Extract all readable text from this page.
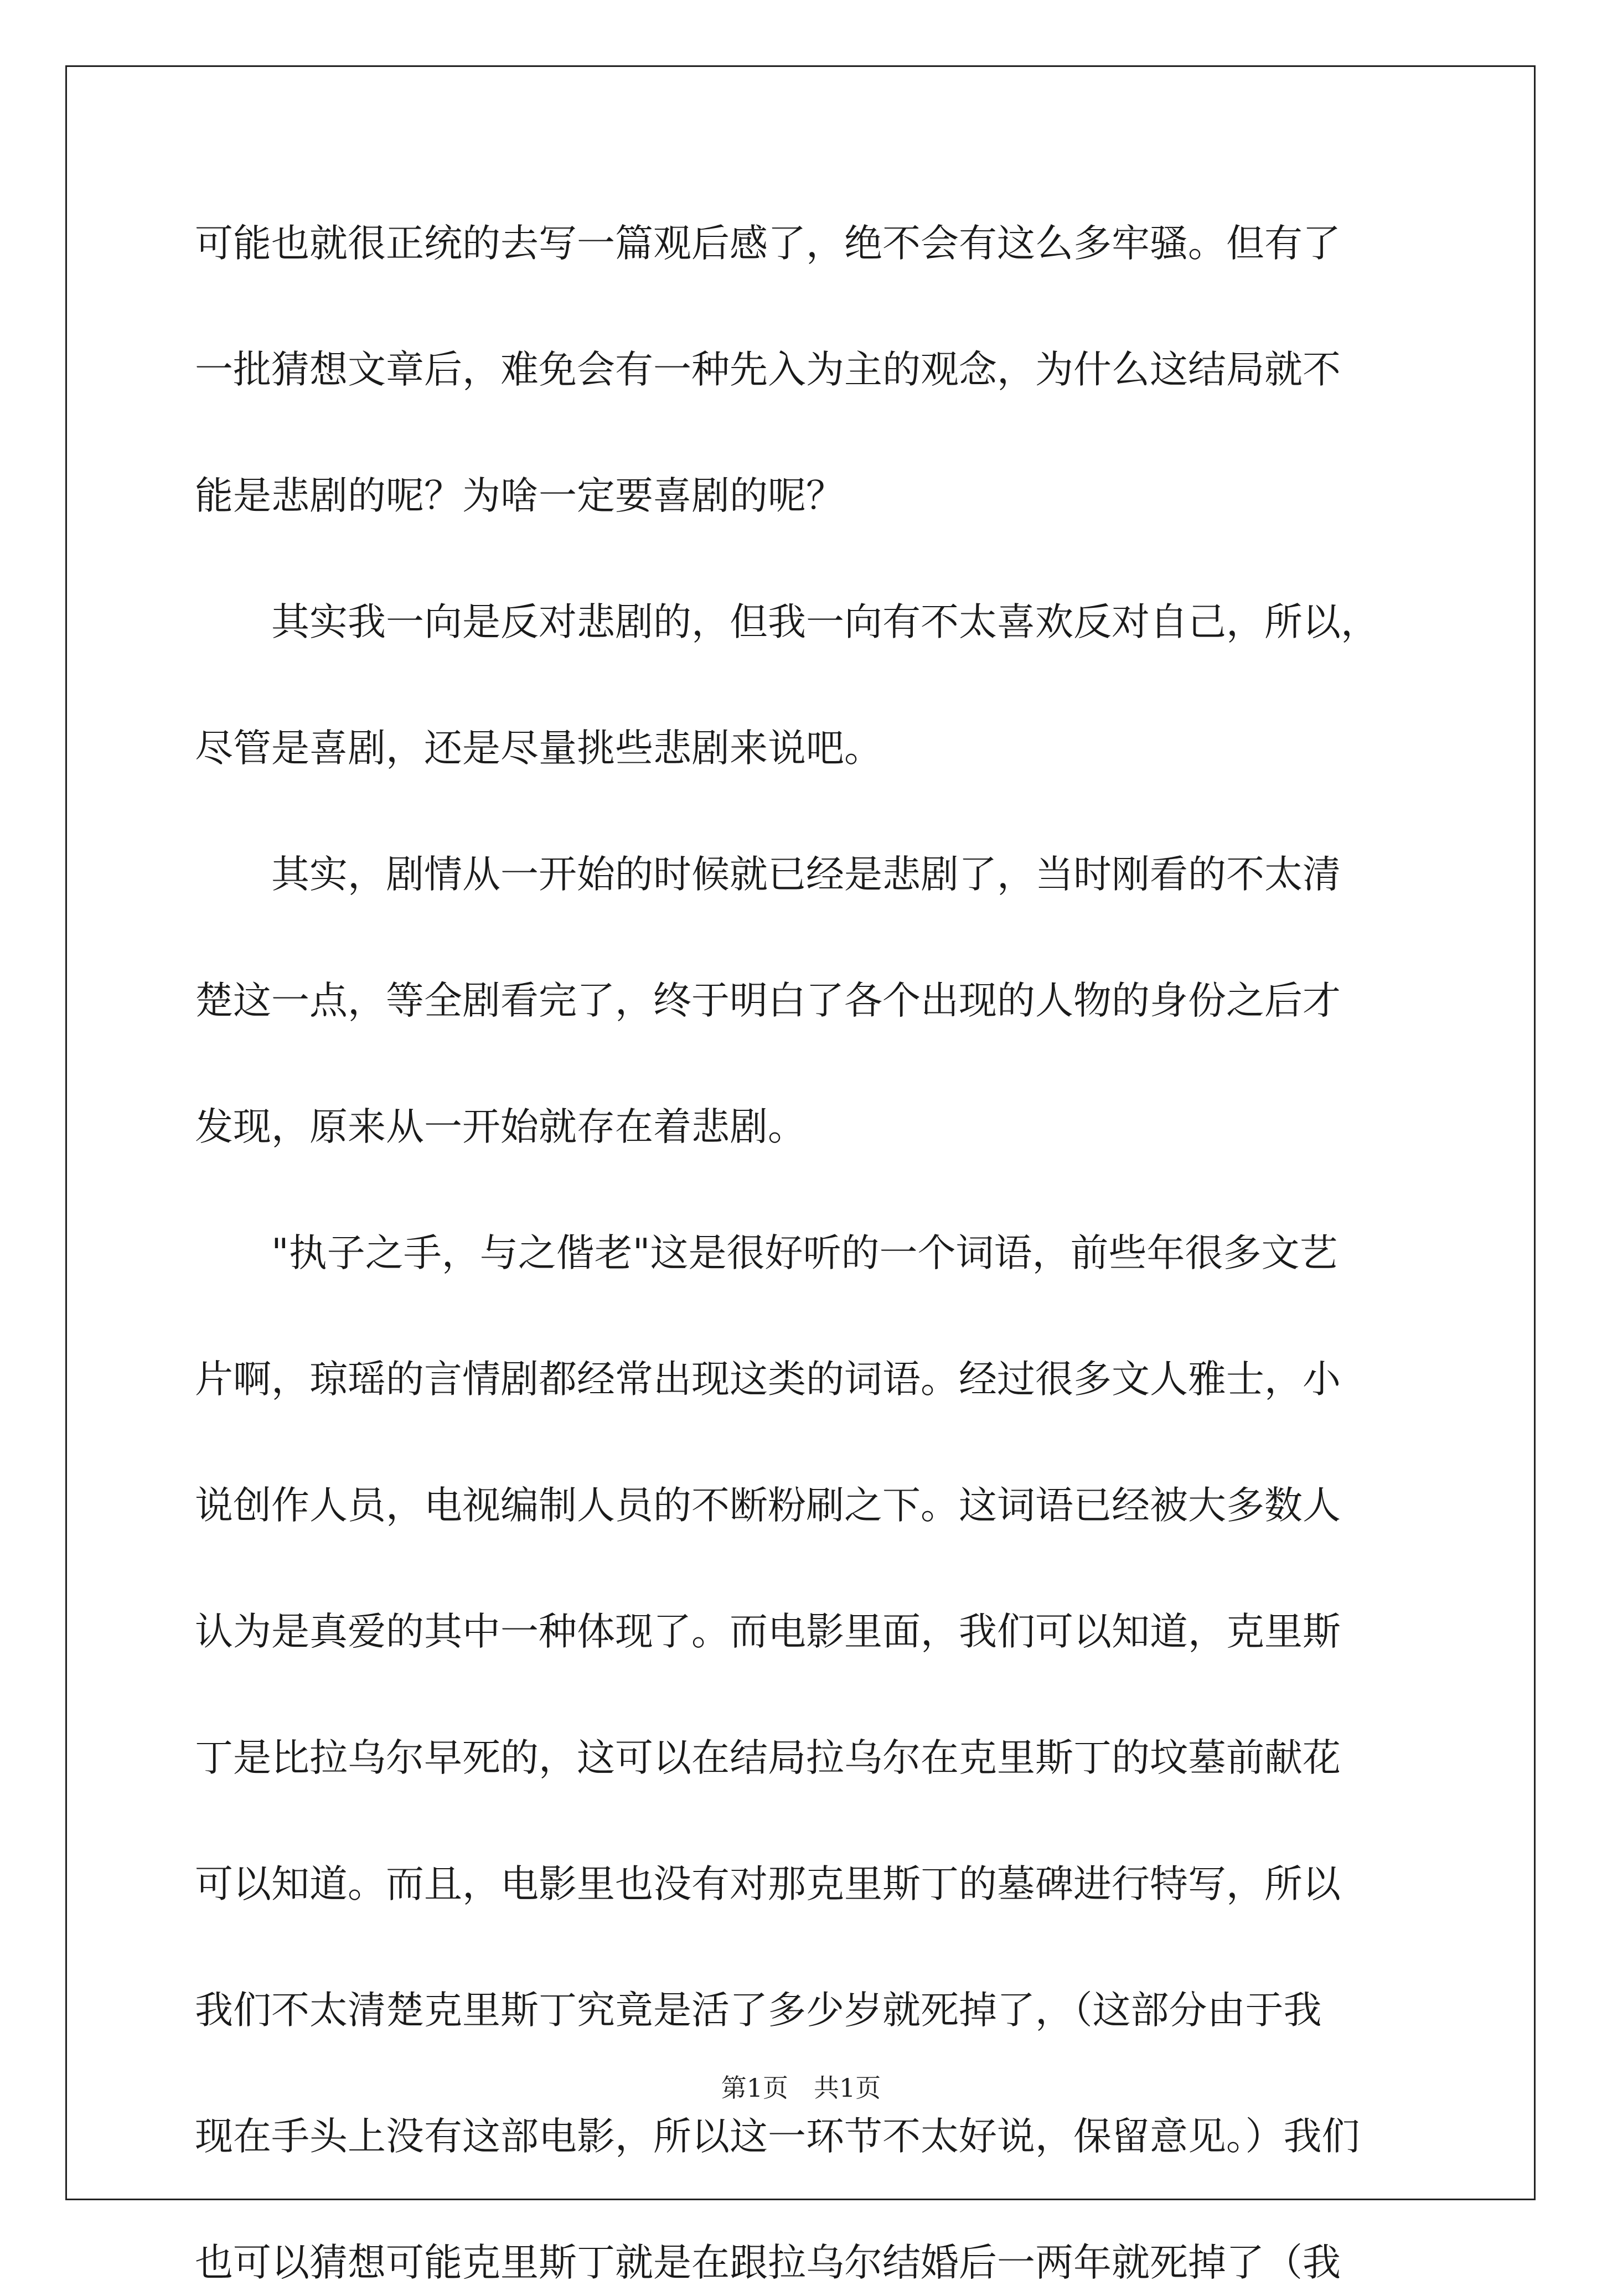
可能也就很正统的去写一篇观后感了，绝不会有这么多牢骚。但有了
一批猜想文章后，难免会有一种先入为主的观念，为什么这结局就不
能是悲剧的呢？为啥一定要喜剧的呢？
　　其实我一向是反对悲剧的，但我一向有不太喜欢反对自己，所以，
尽管是喜剧，还是尽量挑些悲剧来说吧。
　　其实，剧情从一开始的时候就已经是悲剧了，当时刚看的不太清
楚这一点，等全剧看完了，终于明白了各个出现的人物的身份之后才
发现，原来从一开始就存在着悲剧。
　　"执子之手，与之偕老"这是很好听的一个词语，前些年很多文艺
片啊，琼瑶的言情剧都经常出现这类的词语。经过很多文人雅士，小
说创作人员，电视编制人员的不断粉刷之下。这词语已经被大多数人
认为是真爱的其中一种体现了。而电影里面，我们可以知道，克里斯
丁是比拉乌尔早死的，这可以在结局拉乌尔在克里斯丁的坟墓前献花
可以知道。而且，电影里也没有对那克里斯丁的墓碑进行特写，所以
我们不太清楚克里斯丁究竟是活了多少岁就死掉了，（这部分由于我
现在手头上没有这部电影，所以这一环节不太好说，保留意见。）我们
也可以猜想可能克里斯丁就是在跟拉乌尔结婚后一两年就死掉了（我
第1页　共1页
